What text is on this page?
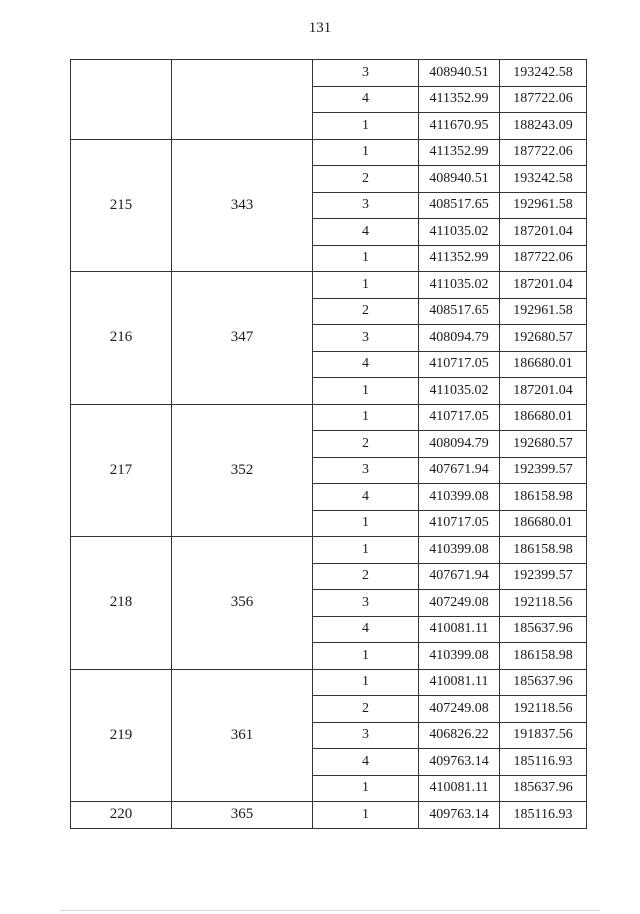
131
		3	408940.51	193242.58
		4	411352.99	187722.06
		1	411670.95	188243.09
215	343	1	411352.99	187722.06
		2	408940.51	193242.58
		3	408517.65	192961.58
		4	411035.02	187201.04
		1	411352.99	187722.06
216	347	1	411035.02	187201.04
		2	408517.65	192961.58
		3	408094.79	192680.57
		4	410717.05	186680.01
		1	411035.02	187201.04
217	352	1	410717.05	186680.01
		2	408094.79	192680.57
		3	407671.94	192399.57
		4	410399.08	186158.98
		1	410717.05	186680.01
218	356	1	410399.08	186158.98
		2	407671.94	192399.57
		3	407249.08	192118.56
		4	410081.11	185637.96
		1	410399.08	186158.98
219	361	1	410081.11	185637.96
		2	407249.08	192118.56
		3	406826.22	191837.56
		4	409763.14	185116.93
		1	410081.11	185637.96
220	365	1	409763.14	185116.93
